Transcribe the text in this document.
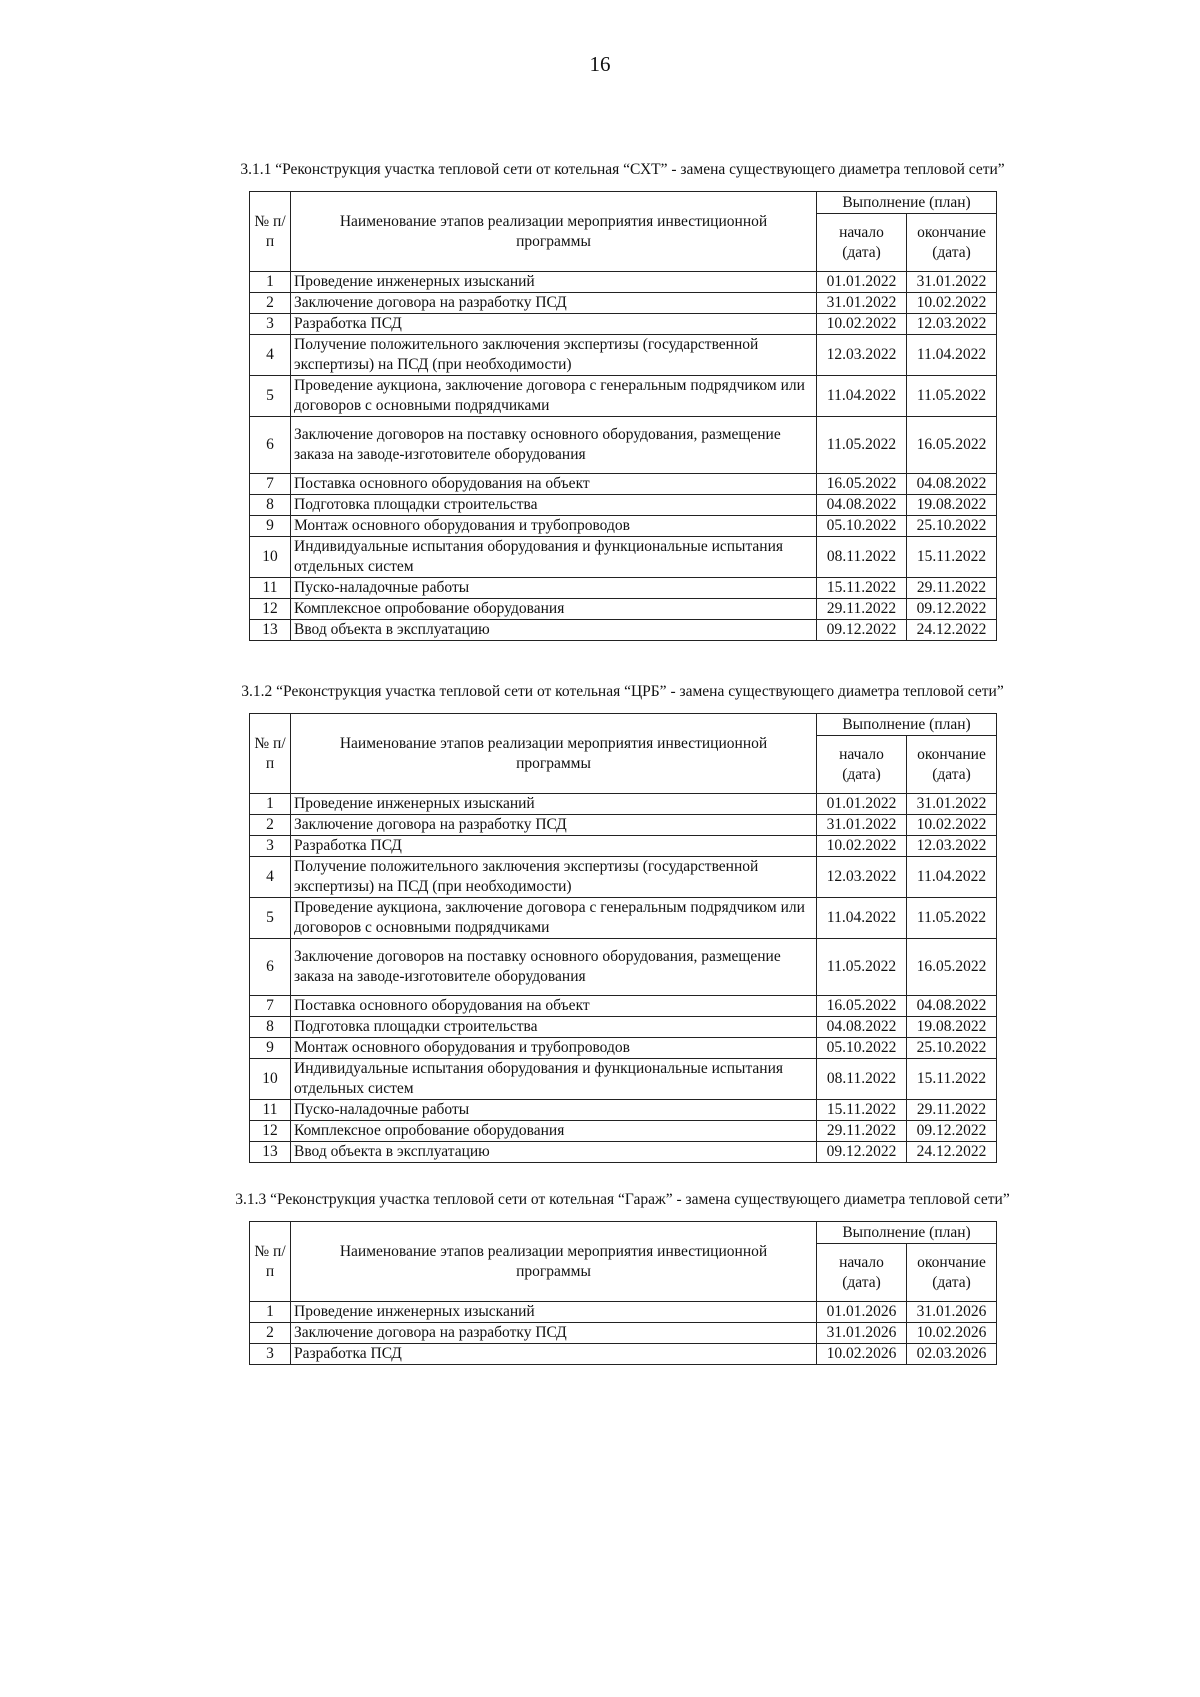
16
3.1.1 “Реконструкция участка тепловой сети от котельная “СХТ” - замена существующего диаметра тепловой сети”
№ п/п	Наименование этапов реализации мероприятия инвестиционной программы	Выполнение (план)	
		начало (дата)	окончание (дата)
1	Проведение инженерных изысканий	01.01.2022	31.01.2022
2	Заключение договора на разработку ПСД	31.01.2022	10.02.2022
3	Разработка ПСД	10.02.2022	12.03.2022
4	Получение положительного заключения экспертизы (государственной экспертизы) на ПСД (при необходимости)	12.03.2022	11.04.2022
5	Проведение аукциона, заключение договора с генеральным подрядчиком или договоров с основными подрядчиками	11.04.2022	11.05.2022
6	Заключение договоров на поставку основного оборудования, размещение заказа на заводе-изготовителе оборудования	11.05.2022	16.05.2022
7	Поставка основного оборудования на объект	16.05.2022	04.08.2022
8	Подготовка площадки строительства	04.08.2022	19.08.2022
9	Монтаж основного оборудования и трубопроводов	05.10.2022	25.10.2022
10	Индивидуальные испытания оборудования и функциональные испытания отдельных систем	08.11.2022	15.11.2022
11	Пуско-наладочные работы	15.11.2022	29.11.2022
12	Комплексное опробование оборудования	29.11.2022	09.12.2022
13	Ввод объекта в эксплуатацию	09.12.2022	24.12.2022
3.1.2 “Реконструкция участка тепловой сети от котельная “ЦРБ” - замена существующего диаметра тепловой сети”
№ п/п	Наименование этапов реализации мероприятия инвестиционной программы	Выполнение (план)	
		начало (дата)	окончание (дата)
1	Проведение инженерных изысканий	01.01.2022	31.01.2022
2	Заключение договора на разработку ПСД	31.01.2022	10.02.2022
3	Разработка ПСД	10.02.2022	12.03.2022
4	Получение положительного заключения экспертизы (государственной экспертизы) на ПСД (при необходимости)	12.03.2022	11.04.2022
5	Проведение аукциона, заключение договора с генеральным подрядчиком или договоров с основными подрядчиками	11.04.2022	11.05.2022
6	Заключение договоров на поставку основного оборудования, размещение заказа на заводе-изготовителе оборудования	11.05.2022	16.05.2022
7	Поставка основного оборудования на объект	16.05.2022	04.08.2022
8	Подготовка площадки строительства	04.08.2022	19.08.2022
9	Монтаж основного оборудования и трубопроводов	05.10.2022	25.10.2022
10	Индивидуальные испытания оборудования и функциональные испытания отдельных систем	08.11.2022	15.11.2022
11	Пуско-наладочные работы	15.11.2022	29.11.2022
12	Комплексное опробование оборудования	29.11.2022	09.12.2022
13	Ввод объекта в эксплуатацию	09.12.2022	24.12.2022
3.1.3 “Реконструкция участка тепловой сети от котельная “Гараж” - замена существующего диаметра тепловой сети”
№ п/п	Наименование этапов реализации мероприятия инвестиционной программы	Выполнение (план)	
		начало (дата)	окончание (дата)
1	Проведение инженерных изысканий	01.01.2026	31.01.2026
2	Заключение договора на разработку ПСД	31.01.2026	10.02.2026
3	Разработка ПСД	10.02.2026	02.03.2026
